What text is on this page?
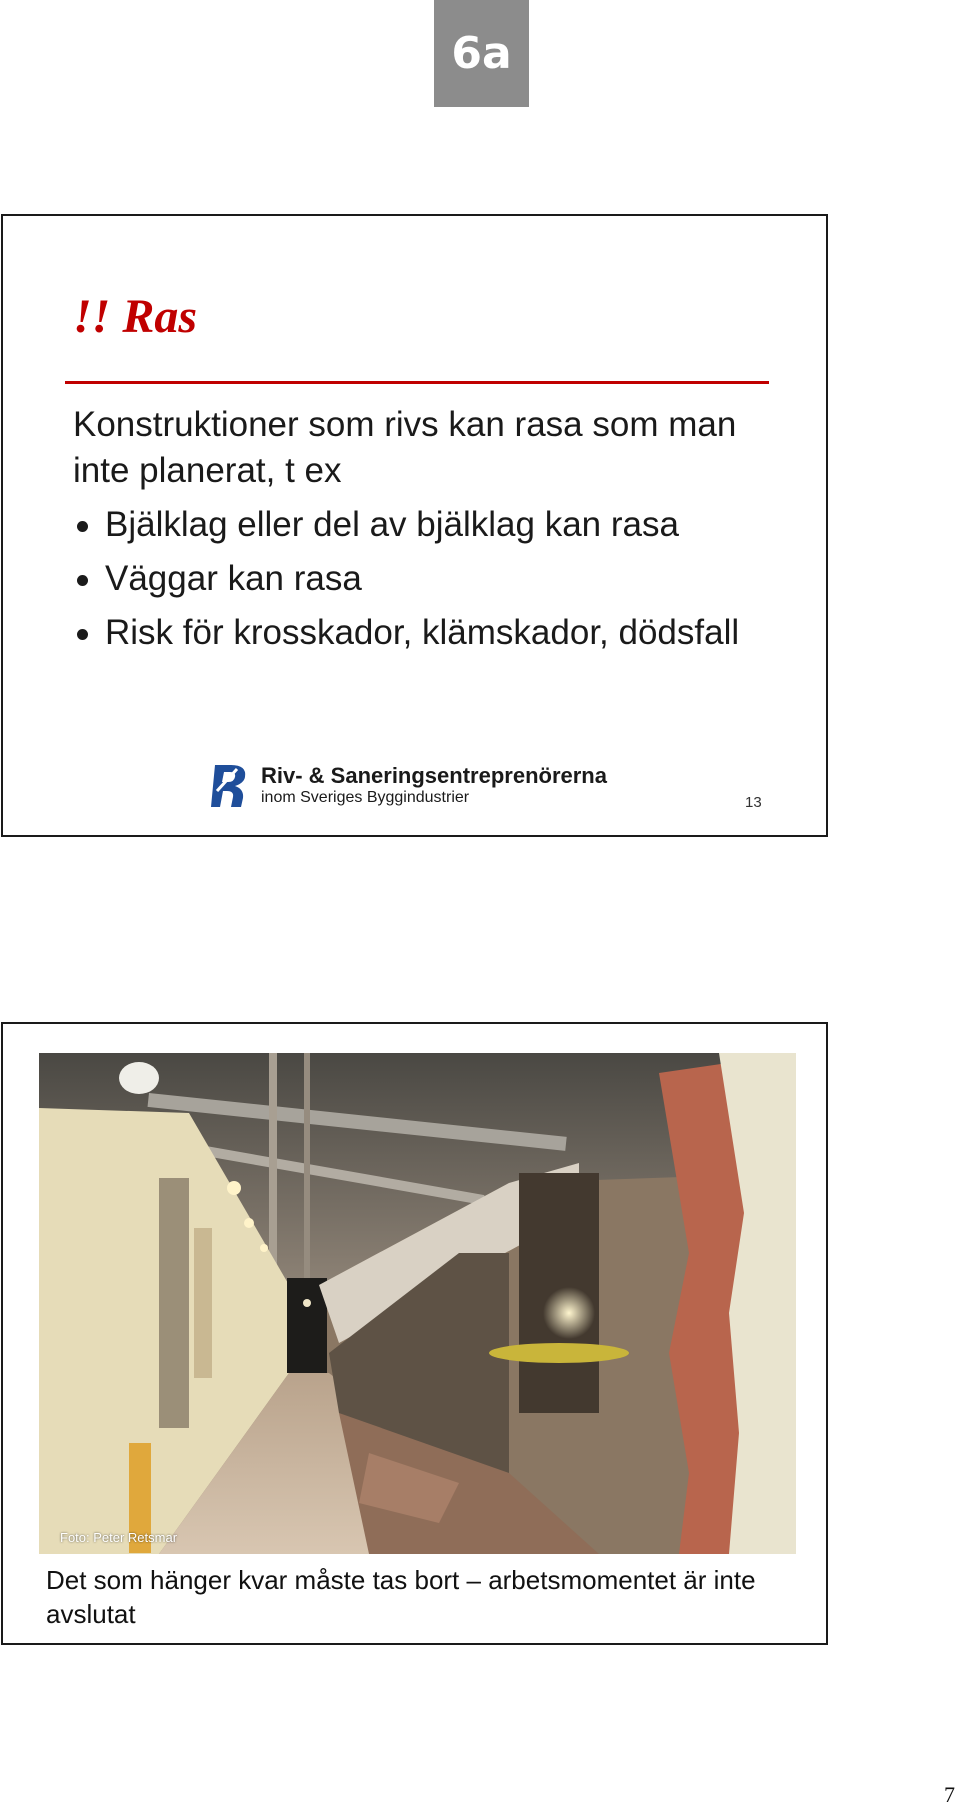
6a
!! Ras
Konstruktioner som rivs kan rasa som man inte planerat, t ex
Bjälklag eller del av bjälklag kan rasa
Väggar kan rasa
Risk för krosskador, klämskador, dödsfall
Riv- & Saneringsentreprenörerna
inom Sveriges Byggindustrier	13
Foto: Peter Retsmar
Det som hänger kvar måste tas bort – arbetsmomentet är inte avslutat
7
